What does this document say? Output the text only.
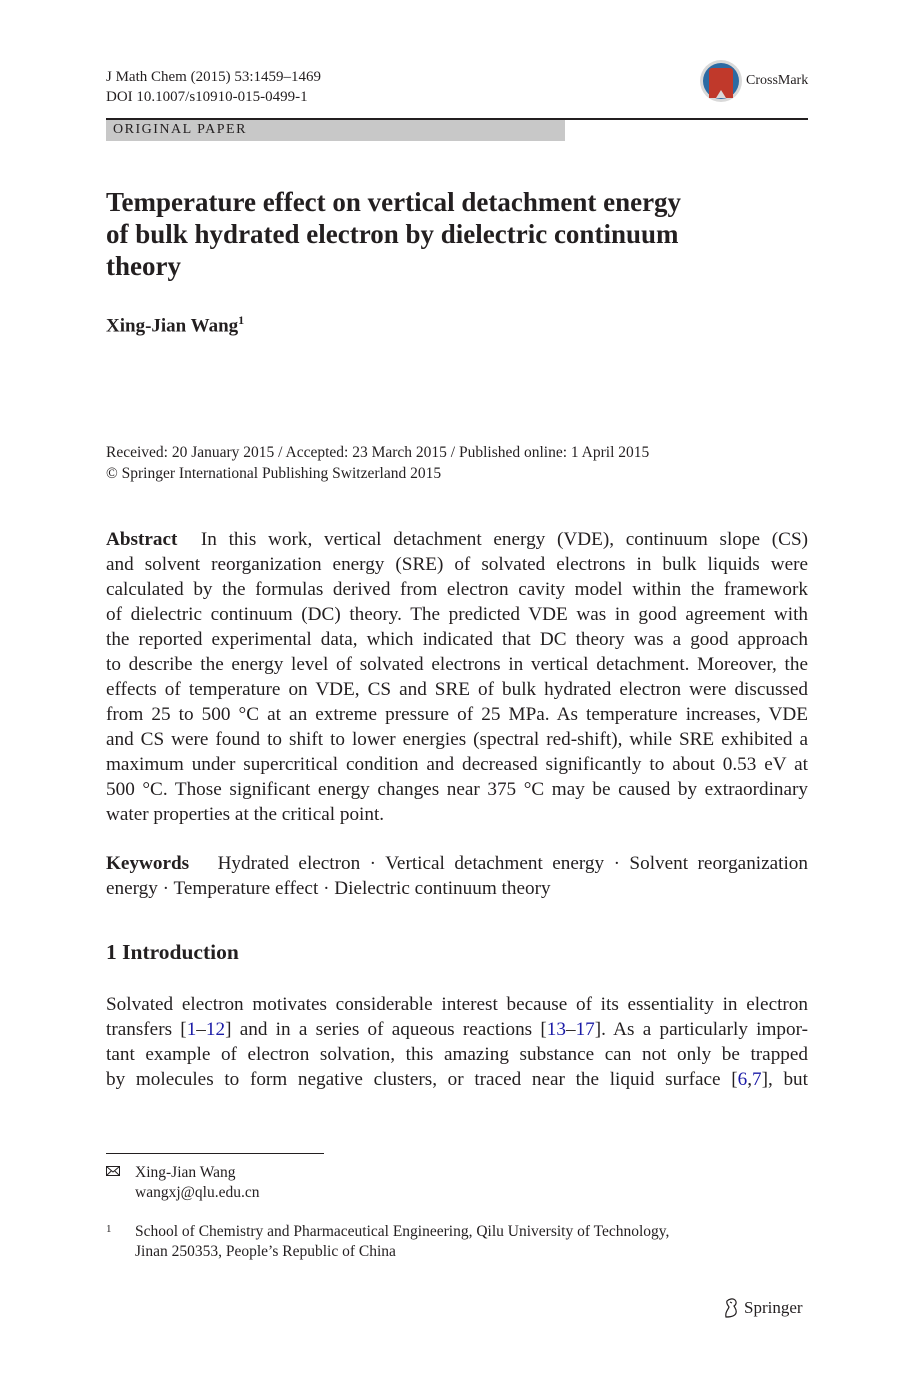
J Math Chem (2015) 53:1459–1469
DOI 10.1007/s10910-015-0499-1
CrossMark
ORIGINAL PAPER
Temperature effect on vertical detachment energy
of bulk hydrated electron by dielectric continuum
theory
Xing-Jian Wang$^1$
Received: 20 January 2015 / Accepted: 23 March 2015 / Published online: 1 April 2015
© Springer International Publishing Switzerland 2015
Abstract In this work, vertical detachment energy (VDE), continuum slope (CS)
and solvent reorganization energy (SRE) of solvated electrons in bulk liquids were
calculated by the formulas derived from electron cavity model within the framework
of dielectric continuum (DC) theory. The predicted VDE was in good agreement with
the reported experimental data, which indicated that DC theory was a good approach
to describe the energy level of solvated electrons in vertical detachment. Moreover, the
effects of temperature on VDE, CS and SRE of bulk hydrated electron were discussed
from 25 to 500 °C at an extreme pressure of 25 MPa. As temperature increases, VDE
and CS were found to shift to lower energies (spectral red-shift), while SRE exhibited a
maximum under supercritical condition and decreased significantly to about 0.53 eV at
500 °C. Those significant energy changes near 375 °C may be caused by extraordinary
water properties at the critical point.
Keywords Hydrated electron · Vertical detachment energy · Solvent reorganization
energy · Temperature effect · Dielectric continuum theory
1 Introduction
Solvated electron motivates considerable interest because of its essentiality in electron
transfers [1–12] and in a series of aqueous reactions [13–17]. As a particularly impor-
tant example of electron solvation, this amazing substance can not only be trapped
by molecules to form negative clusters, or traced near the liquid surface [6,7], but
Xing-Jian Wang
wangxj@qlu.edu.cn
1	School of Chemistry and Pharmaceutical Engineering, Qilu University of Technology,
Jinan 250353, People’s Republic of China
Springer
